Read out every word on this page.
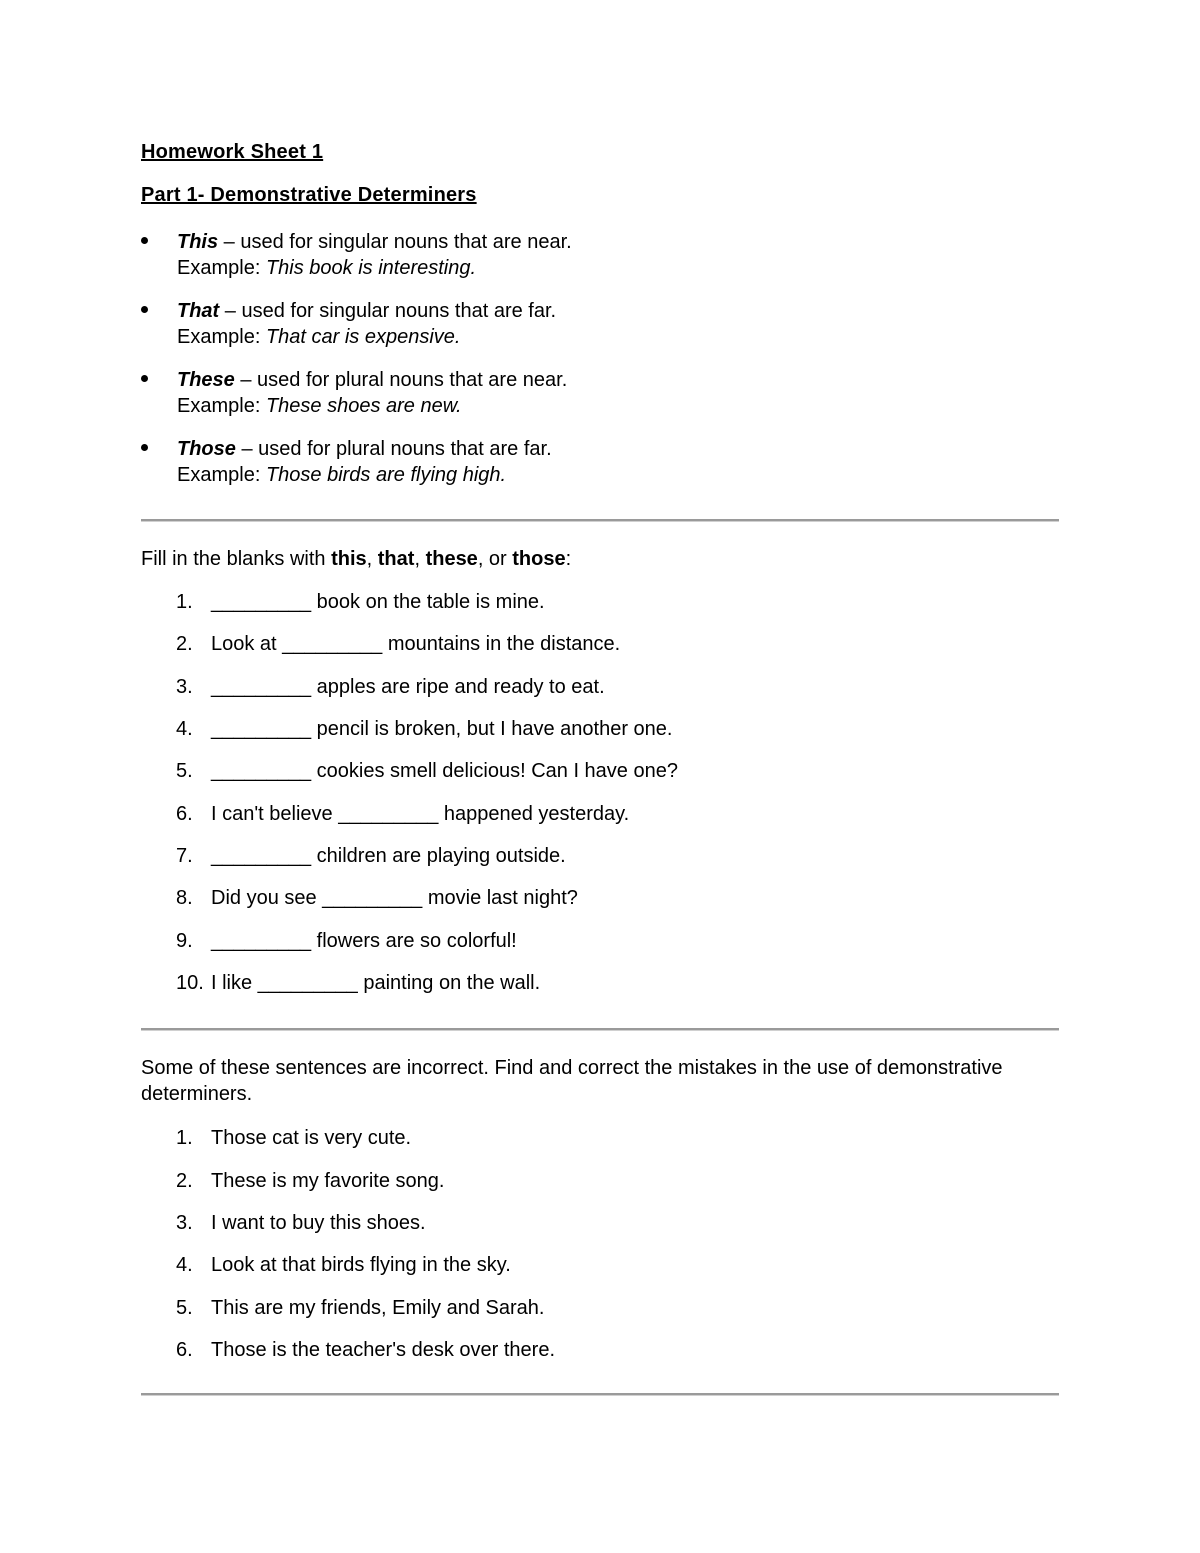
Homework Sheet 1
Part 1- Demonstrative Determiners
This – used for singular nouns that are near.
Example: This book is interesting.
That – used for singular nouns that are far.
Example: That car is expensive.
These – used for plural nouns that are near.
Example: These shoes are new.
Those – used for plural nouns that are far.
Example: Those birds are flying high.
Fill in the blanks with this, that, these, or those:
1. _________ book on the table is mine.
2. Look at _________ mountains in the distance.
3. _________ apples are ripe and ready to eat.
4. _________ pencil is broken, but I have another one.
5. _________ cookies smell delicious! Can I have one?
6. I can't believe _________ happened yesterday.
7. _________ children are playing outside.
8. Did you see _________ movie last night?
9. _________ flowers are so colorful!
10. I like _________ painting on the wall.
Some of these sentences are incorrect. Find and correct the mistakes in the use of demonstrative determiners.
1. Those cat is very cute.
2. These is my favorite song.
3. I want to buy this shoes.
4. Look at that birds flying in the sky.
5. This are my friends, Emily and Sarah.
6. Those is the teacher's desk over there.
